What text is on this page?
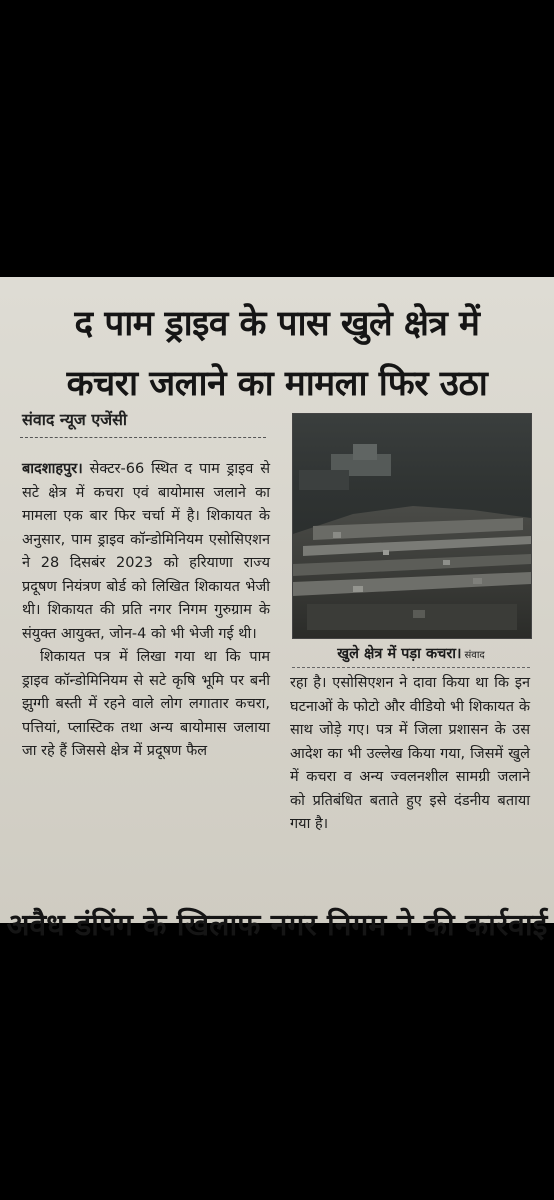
द पाम ड्राइव के पास खुले क्षेत्र में
कचरा जलाने का मामला फिर उठा
संवाद न्यूज एजेंसी

बादशाहपुर। सेक्टर-66 स्थित द पाम ड्राइव से सटे क्षेत्र में कचरा एवं बायोमास जलाने का मामला एक बार फिर चर्चा में है। शिकायत के अनुसार, पाम ड्राइव कॉन्डोमिनियम एसोसिएशन ने 28 दिसबंर 2023 को हरियाणा राज्य प्रदूषण नियंत्रण बोर्ड को लिखित शिकायत भेजी थी। शिकायत की प्रति नगर निगम गुरुग्राम के संयुक्त आयुक्त, जोन-4 को भी भेजी गई थी।

शिकायत पत्र में लिखा गया था कि पाम ड्राइव कॉन्डोमिनियम से सटे कृषि भूमि पर बनी झुग्गी बस्ती में रहने वाले लोग लगातार कचरा, पत्तियां, प्लास्टिक तथा अन्य बायोमास जलाया जा रहे हैं जिससे क्षेत्र में प्रदूषण फैल

खुले क्षेत्र में पड़ा कचरा। संवाद

रहा है। एसोसिएशन ने दावा किया था कि इन घटनाओं के फोटो और वीडियो भी शिकायत के साथ जोड़े गए। पत्र में जिला प्रशासन के उस आदेश का भी उल्लेख किया गया, जिसमें खुले में कचरा व अन्य ज्वलनशील सामग्री जलाने को प्रतिबंधित बताते हुए इसे दंडनीय बताया गया है।

अवैध डंपिंग के खिलाफ नगर निगम ने की कार्रवाई
